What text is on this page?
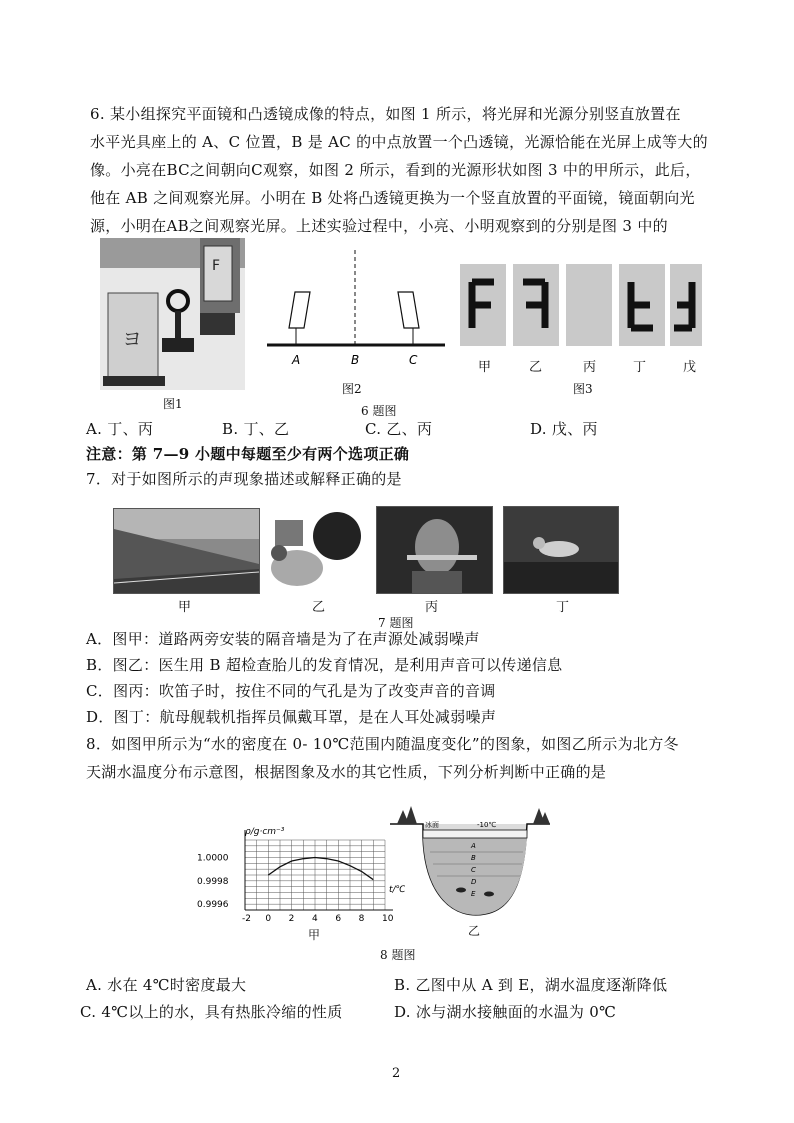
6. 某小组探究平面镜和凸透镜成像的特点，如图 1 所示，将光屏和光源分别竖直放置在
水平光具座上的 A、C 位置，B 是 AC 的中点放置一个凸透镜，光源恰能在光屏上成等大的
像。小亮在BC之间朝向C观察，如图 2 所示，看到的光源形状如图 3 中的甲所示，此后，
他在 AB 之间观察光屏。小明在 B 处将凸透镜更换为一个竖直放置的平面镜，镜面朝向光
源，小明在AB之间观察光屏。上述实验过程中，小亮、小明观察到的分别是图 3 中的
F
ヨ
图1
A	B	C
图2
甲	乙	丙	丁	戊
图3
6 题图
A. 丁、丙	B. 丁、乙	C. 乙、丙	D. 戊、丙
注意：第 7—9 小题中每题至少有两个选项正确
7．对于如图所示的声现象描述或解释正确的是
甲	乙	丙	丁
7 题图
A．图甲：道路两旁安装的隔音墙是为了在声源处减弱噪声
B．图乙：医生用 B 超检查胎儿的发育情况，是利用声音可以传递信息
C．图丙：吹笛子时，按住不同的气孔是为了改变声音的音调
D．图丁：航母舰载机指挥员佩戴耳罩，是在人耳处减弱噪声
8．如图甲所示为“水的密度在 0- 10℃范围内随温度变化”的图象，如图乙所示为北方冬
天湖水温度分布示意图，根据图象及水的其它性质，下列分析判断中正确的是
-2 0 2 4 6 8 10
0.9996
0.9998
1.0000
ρ/g·cm⁻³
t/℃
甲
冰面	-10℃
A
B
C
D
E
乙
8 题图
A. 水在 4℃时密度最大	B. 乙图中从 A 到 E，湖水温度逐渐降低
C. 4℃以上的水，具有热胀冷缩的性质	D. 冰与湖水接触面的水温为 0℃
2
